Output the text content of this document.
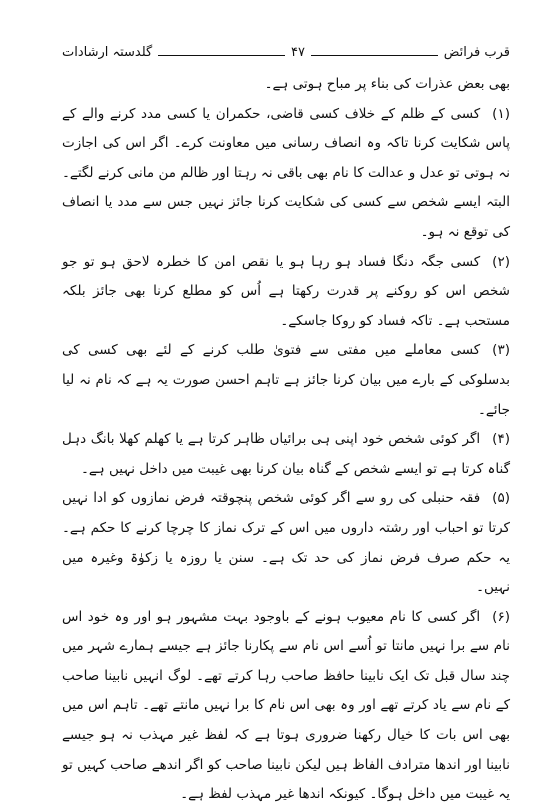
قرب فرائض
۴۷
گلدستہ ارشادات

بھی بعض عذرات کی بناء پر مباح ہوتی ہے۔

(۱)کسی کے ظلم کے خلاف کسی قاضی، حکمران یا کسی مدد کرنے والے کے پاس شکایت کرنا تاکہ وہ انصاف رسانی میں معاونت کرے۔ اگر اس کی اجازت نہ ہوتی تو عدل و عدالت کا نام بھی باقی نہ رہتا اور ظالم من مانی کرنے لگتے۔ البتہ ایسے شخص سے کسی کی شکایت کرنا جائز نہیں جس سے مدد یا انصاف کی توقع نہ ہو۔

(۲)کسی جگہ دنگا فساد ہو رہا ہو یا نقص امن کا خطرہ لاحق ہو تو جو شخص اس کو روکنے پر قدرت رکھتا ہے اُس کو مطلع کرنا بھی جائز بلکہ مستحب ہے۔ تاکہ فساد کو روکا جاسکے۔

(۳)کسی معاملے میں مفتی سے فتویٰ طلب کرنے کے لئے بھی کسی کی بدسلوکی کے بارے میں بیان کرنا جائز ہے تاہم احسن صورت یہ ہے کہ نام نہ لیا جائے۔

(۴)اگر کوئی شخص خود اپنی ہی برائیاں ظاہر کرتا ہے یا کھلم کھلا بانگ دہل گناہ کرتا ہے تو ایسے شخص کے گناہ بیان کرنا بھی غیبت میں داخل نہیں ہے۔

(۵)فقہ حنبلی کی رو سے اگر کوئی شخص پنچوقتہ فرض نمازوں کو ادا نہیں کرتا تو احباب اور رشتہ داروں میں اس کے ترک نماز کا چرچا کرنے کا حکم ہے۔ یہ حکم صرف فرض نماز کی حد تک ہے۔ سنن یا روزہ یا زکوٰۃ وغیرہ میں نہیں۔

(۶)اگر کسی کا نام معیوب ہونے کے باوجود بہت مشہور ہو اور وہ خود اس نام سے برا نہیں مانتا تو اُسے اس نام سے پکارنا جائز ہے جیسے ہمارے شہر میں چند سال قبل تک ایک نابینا حافظ صاحب رہا کرتے تھے۔ لوگ انہیں نابینا صاحب کے نام سے یاد کرتے تھے اور وہ بھی اس نام کا برا نہیں مانتے تھے۔ تاہم اس میں بھی اس بات کا خیال رکھنا ضروری ہوتا ہے کہ لفظ غیر مہذب نہ ہو جیسے نابینا اور اندھا مترادف الفاظ ہیں لیکن نابینا صاحب کو اگر اندھے صاحب کہیں تو یہ غیبت میں داخل ہوگا۔ کیونکہ اندھا غیر مہذب لفظ ہے۔
